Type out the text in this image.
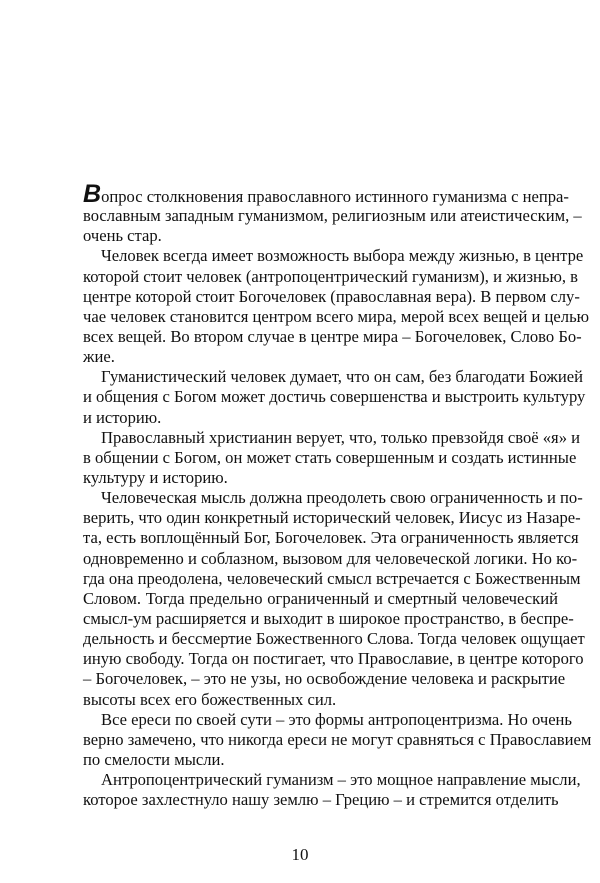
Вопрос столкновения православного истинного гуманизма с непра-
вославным западным гуманизмом, религиозным или атеистическим, –
очень стар.
Человек всегда имеет возможность выбора между жизнью, в центре
которой стоит человек (антропоцентрический гуманизм), и жизнью, в
центре которой стоит Богочеловек (православная вера). В первом слу-
чае человек становится центром всего мира, мерой всех вещей и целью
всех вещей. Во втором случае в центре мира – Богочеловек, Слово Бо-
жие.
Гуманистический человек думает, что он сам, без благодати Божией
и общения с Богом может достичь совершенства и выстроить культуру
и историю.
Православный христианин верует, что, только превзойдя своё «я» и
в общении с Богом, он может стать совершенным и создать истинные
культуру и историю.
Человеческая мысль должна преодолеть свою ограниченность и по-
верить, что один конкретный исторический человек, Иисус из Назаре-
та, есть воплощённый Бог, Богочеловек. Эта ограниченность является
одновременно и соблазном, вызовом для человеческой логики. Но ко-
гда она преодолена, человеческий смысл встречается с Божественным
Словом. Тогда предельно ограниченный и смертный человеческий
смысл-ум расширяется и выходит в широкое пространство, в беспре-
дельность и бессмертие Божественного Слова. Тогда человек ощущает
иную свободу. Тогда он постигает, что Православие, в центре которого
– Богочеловек, – это не узы, но освобождение человека и раскрытие
высоты всех его божественных сил.
Все ереси по своей сути – это формы антропоцентризма. Но очень
верно замечено, что никогда ереси не могут сравняться с Православием
по смелости мысли.
Антропоцентрический гуманизм – это мощное направление мысли,
которое захлестнуло нашу землю – Грецию – и стремится отделить
10
